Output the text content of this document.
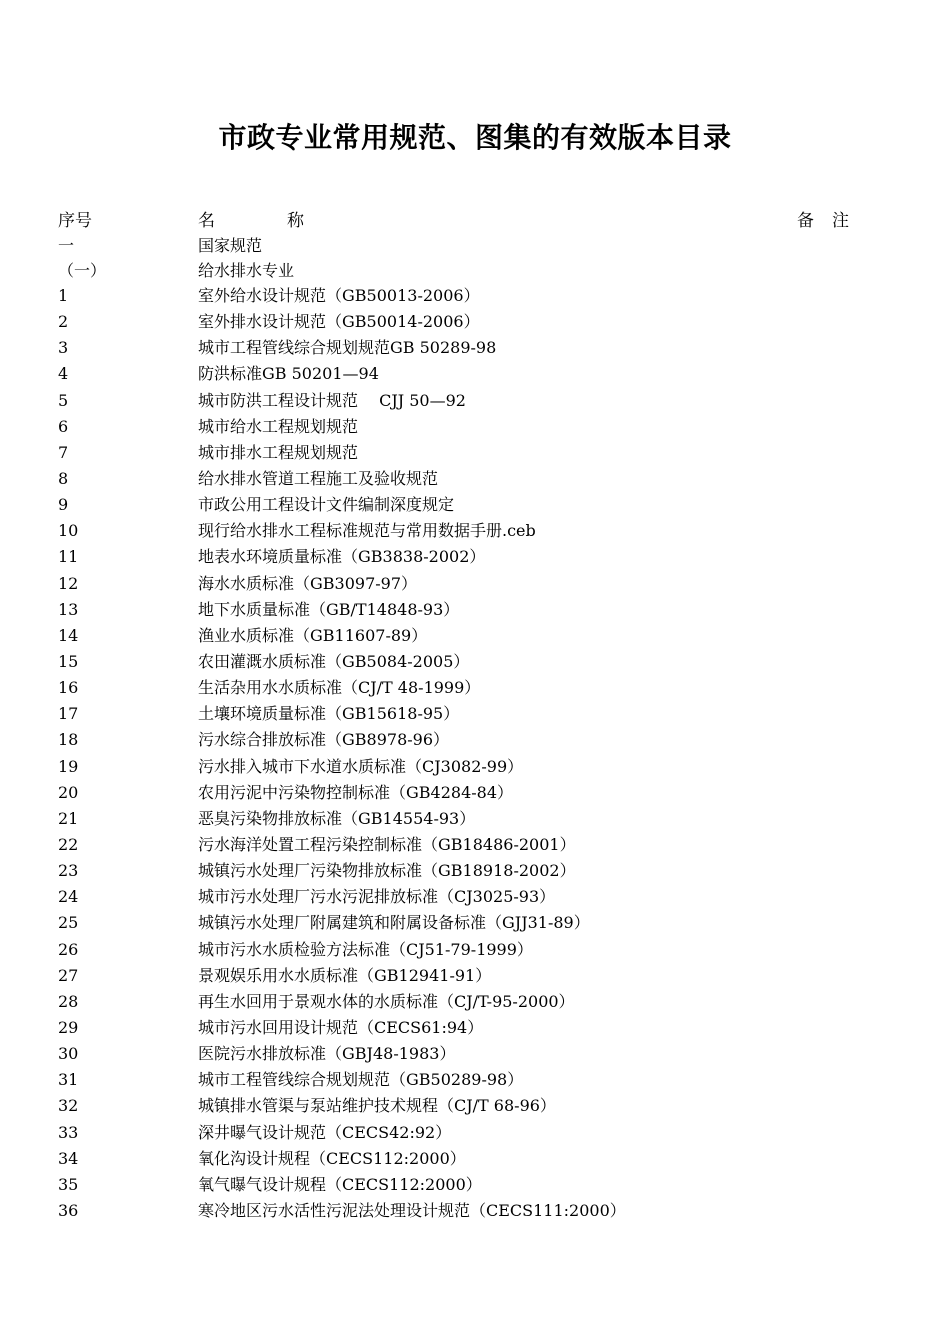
市政专业常用规范、图集的有效版本目录
序号	名称	备注
一	国家规范
（一）	给水排水专业
1	室外给水设计规范（GB50013-2006）
2	室外排水设计规范（GB50014-2006）
3	城市工程管线综合规划规范GB 50289-98
4	防洪标准GB 50201—94
5	城市防洪工程设计规范　 CJJ 50—92
6	城市给水工程规划规范
7	城市排水工程规划规范
8	给水排水管道工程施工及验收规范
9	市政公用工程设计文件编制深度规定
10	现行给水排水工程标准规范与常用数据手册.ceb
11	地表水环境质量标准（GB3838-2002）
12	海水水质标准（GB3097-97）
13	地下水质量标准（GB/T14848-93）
14	渔业水质标准（GB11607-89）
15	农田灌溉水质标准（GB5084-2005）
16	生活杂用水水质标准（CJ/T 48-1999）
17	土壤环境质量标准（GB15618-95）
18	污水综合排放标准（GB8978-96）
19	污水排入城市下水道水质标准（CJ3082-99）
20	农用污泥中污染物控制标准（GB4284-84）
21	恶臭污染物排放标准（GB14554-93）
22	污水海洋处置工程污染控制标准（GB18486-2001）
23	城镇污水处理厂污染物排放标准（GB18918-2002）
24	城市污水处理厂污水污泥排放标准（CJ3025-93）
25	城镇污水处理厂附属建筑和附属设备标准（GJJ31-89）
26	城市污水水质检验方法标准（CJ51-79-1999）
27	景观娱乐用水水质标准（GB12941-91）
28	再生水回用于景观水体的水质标准（CJ/T-95-2000）
29	城市污水回用设计规范（CECS61:94）
30	医院污水排放标准（GBJ48-1983）
31	城市工程管线综合规划规范（GB50289-98）
32	城镇排水管渠与泵站维护技术规程（CJ/T 68-96）
33	深井曝气设计规范（CECS42:92）
34	氧化沟设计规程（CECS112:2000）
35	氧气曝气设计规程（CECS112:2000）
36	寒冷地区污水活性污泥法处理设计规范（CECS111:2000）
